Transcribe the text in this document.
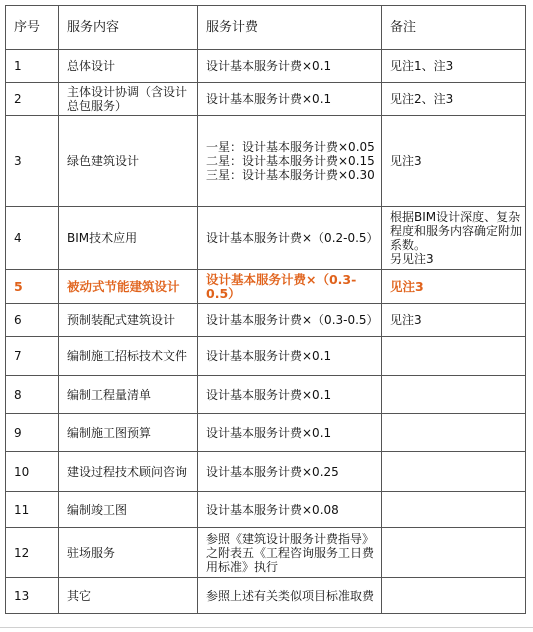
序号	服务内容	服务计费	备注
1	总体设计	设计基本服务计费×0.1	见注1、注3
2	主体设计协调（含设计总包服务）	设计基本服务计费×0.1	见注2、注3
3	绿色建筑设计	一星：设计基本服务计费×0.05
二星：设计基本服务计费×0.15
三星：设计基本服务计费×0.30	见注3
4	BIM技术应用	设计基本服务计费×（0.2-0.5）	根据BIM设计深度、复杂程度和服务内容确定附加系数。
另见注3
5	被动式节能建筑设计	设计基本服务计费×（0.3-0.5）	见注3
6	预制装配式建筑设计	设计基本服务计费×（0.3-0.5）	见注3
7	编制施工招标技术文件	设计基本服务计费×0.1	
8	编制工程量清单	设计基本服务计费×0.1	
9	编制施工图预算	设计基本服务计费×0.1	
10	建设过程技术顾问咨询	设计基本服务计费×0.25	
11	编制竣工图	设计基本服务计费×0.08	
12	驻场服务	参照《建筑设计服务计费指导》之附表五《工程咨询服务工日费用标准》执行	
13	其它	参照上述有关类似项目标准取费	
